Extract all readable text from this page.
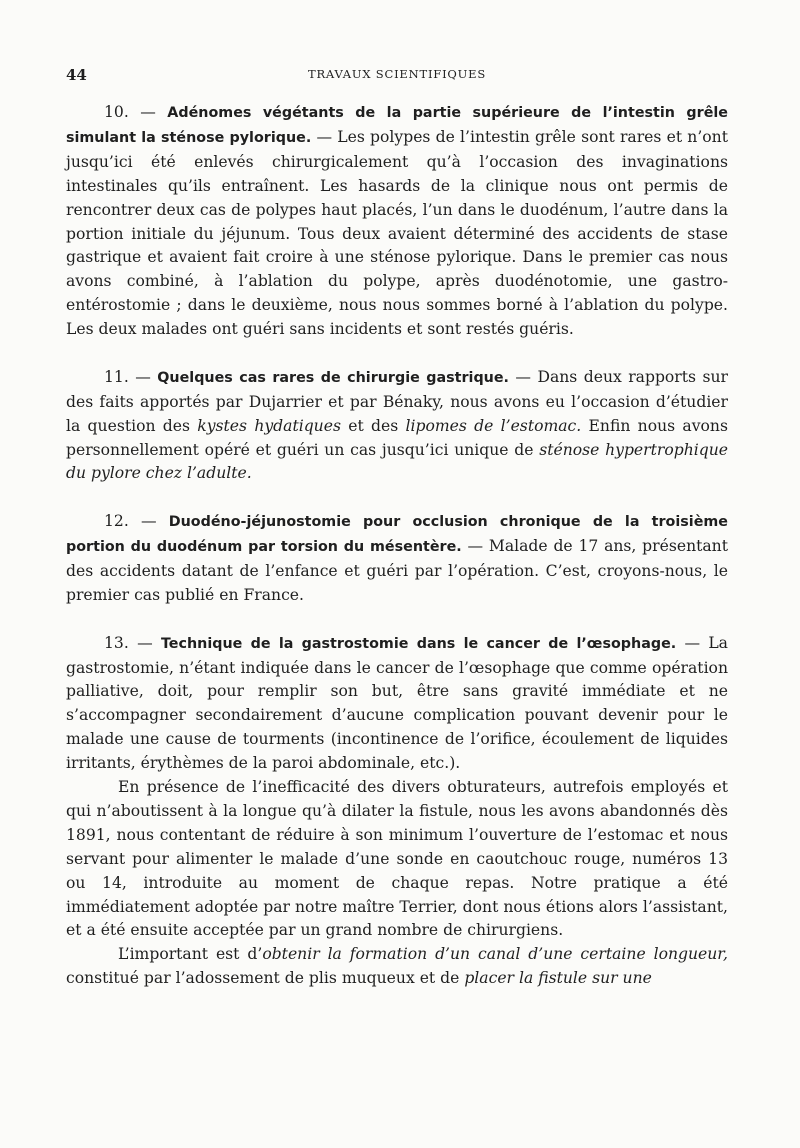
44	TRAVAUX SCIENTIFIQUES

10. — Adénomes végétants de la partie supérieure de l’intestin grêle simulant la sténose pylorique. — Les polypes de l’intestin grêle sont rares et n’ont jusqu’ici été enlevés chirurgicalement qu’à l’occasion des invaginations intestinales qu’ils entraînent. Les hasards de la clinique nous ont permis de rencontrer deux cas de polypes haut placés, l’un dans le duodénum, l’autre dans la portion initiale du jéjunum. Tous deux avaient déterminé des accidents de stase gastrique et avaient fait croire à une sténose pylorique. Dans le premier cas nous avons combiné, à l’ablation du polype, après duodénotomie, une gastro-entérostomie ; dans le deuxième, nous nous sommes borné à l’ablation du polype. Les deux malades ont guéri sans incidents et sont restés guéris.

11. — Quelques cas rares de chirurgie gastrique. — Dans deux rapports sur des faits apportés par Dujarrier et par Bénaky, nous avons eu l’occasion d’étudier la question des kystes hydatiques et des lipomes de l’estomac. Enfin nous avons personnellement opéré et guéri un cas jusqu’ici unique de sténose hypertrophique du pylore chez l’adulte.

12. — Duodéno-jéjunostomie pour occlusion chronique de la troisième portion du duodénum par torsion du mésentère. — Malade de 17 ans, présentant des accidents datant de l’enfance et guéri par l’opération. C’est, croyons-nous, le premier cas publié en France.

13. — Technique de la gastrostomie dans le cancer de l’œsophage. — La gastrostomie, n’étant indiquée dans le cancer de l’œsophage que comme opération palliative, doit, pour remplir son but, être sans gravité immédiate et ne s’accompagner secondairement d’aucune complication pouvant devenir pour le malade une cause de tourments (incontinence de l’orifice, écoulement de liquides irritants, érythèmes de la paroi abdominale, etc.).

En présence de l’inefficacité des divers obturateurs, autrefois employés et qui n’aboutissent à la longue qu’à dilater la fistule, nous les avons abandonnés dès 1891, nous contentant de réduire à son minimum l’ouverture de l’estomac et nous servant pour alimenter le malade d’une sonde en caoutchouc rouge, numéros 13 ou 14, introduite au moment de chaque repas. Notre pratique a été immédiatement adoptée par notre maître Terrier, dont nous étions alors l’assistant, et a été ensuite acceptée par un grand nombre de chirurgiens.

L’important est d’obtenir la formation d’un canal d’une certaine longueur, constitué par l’adossement de plis muqueux et de placer la fistule sur une
